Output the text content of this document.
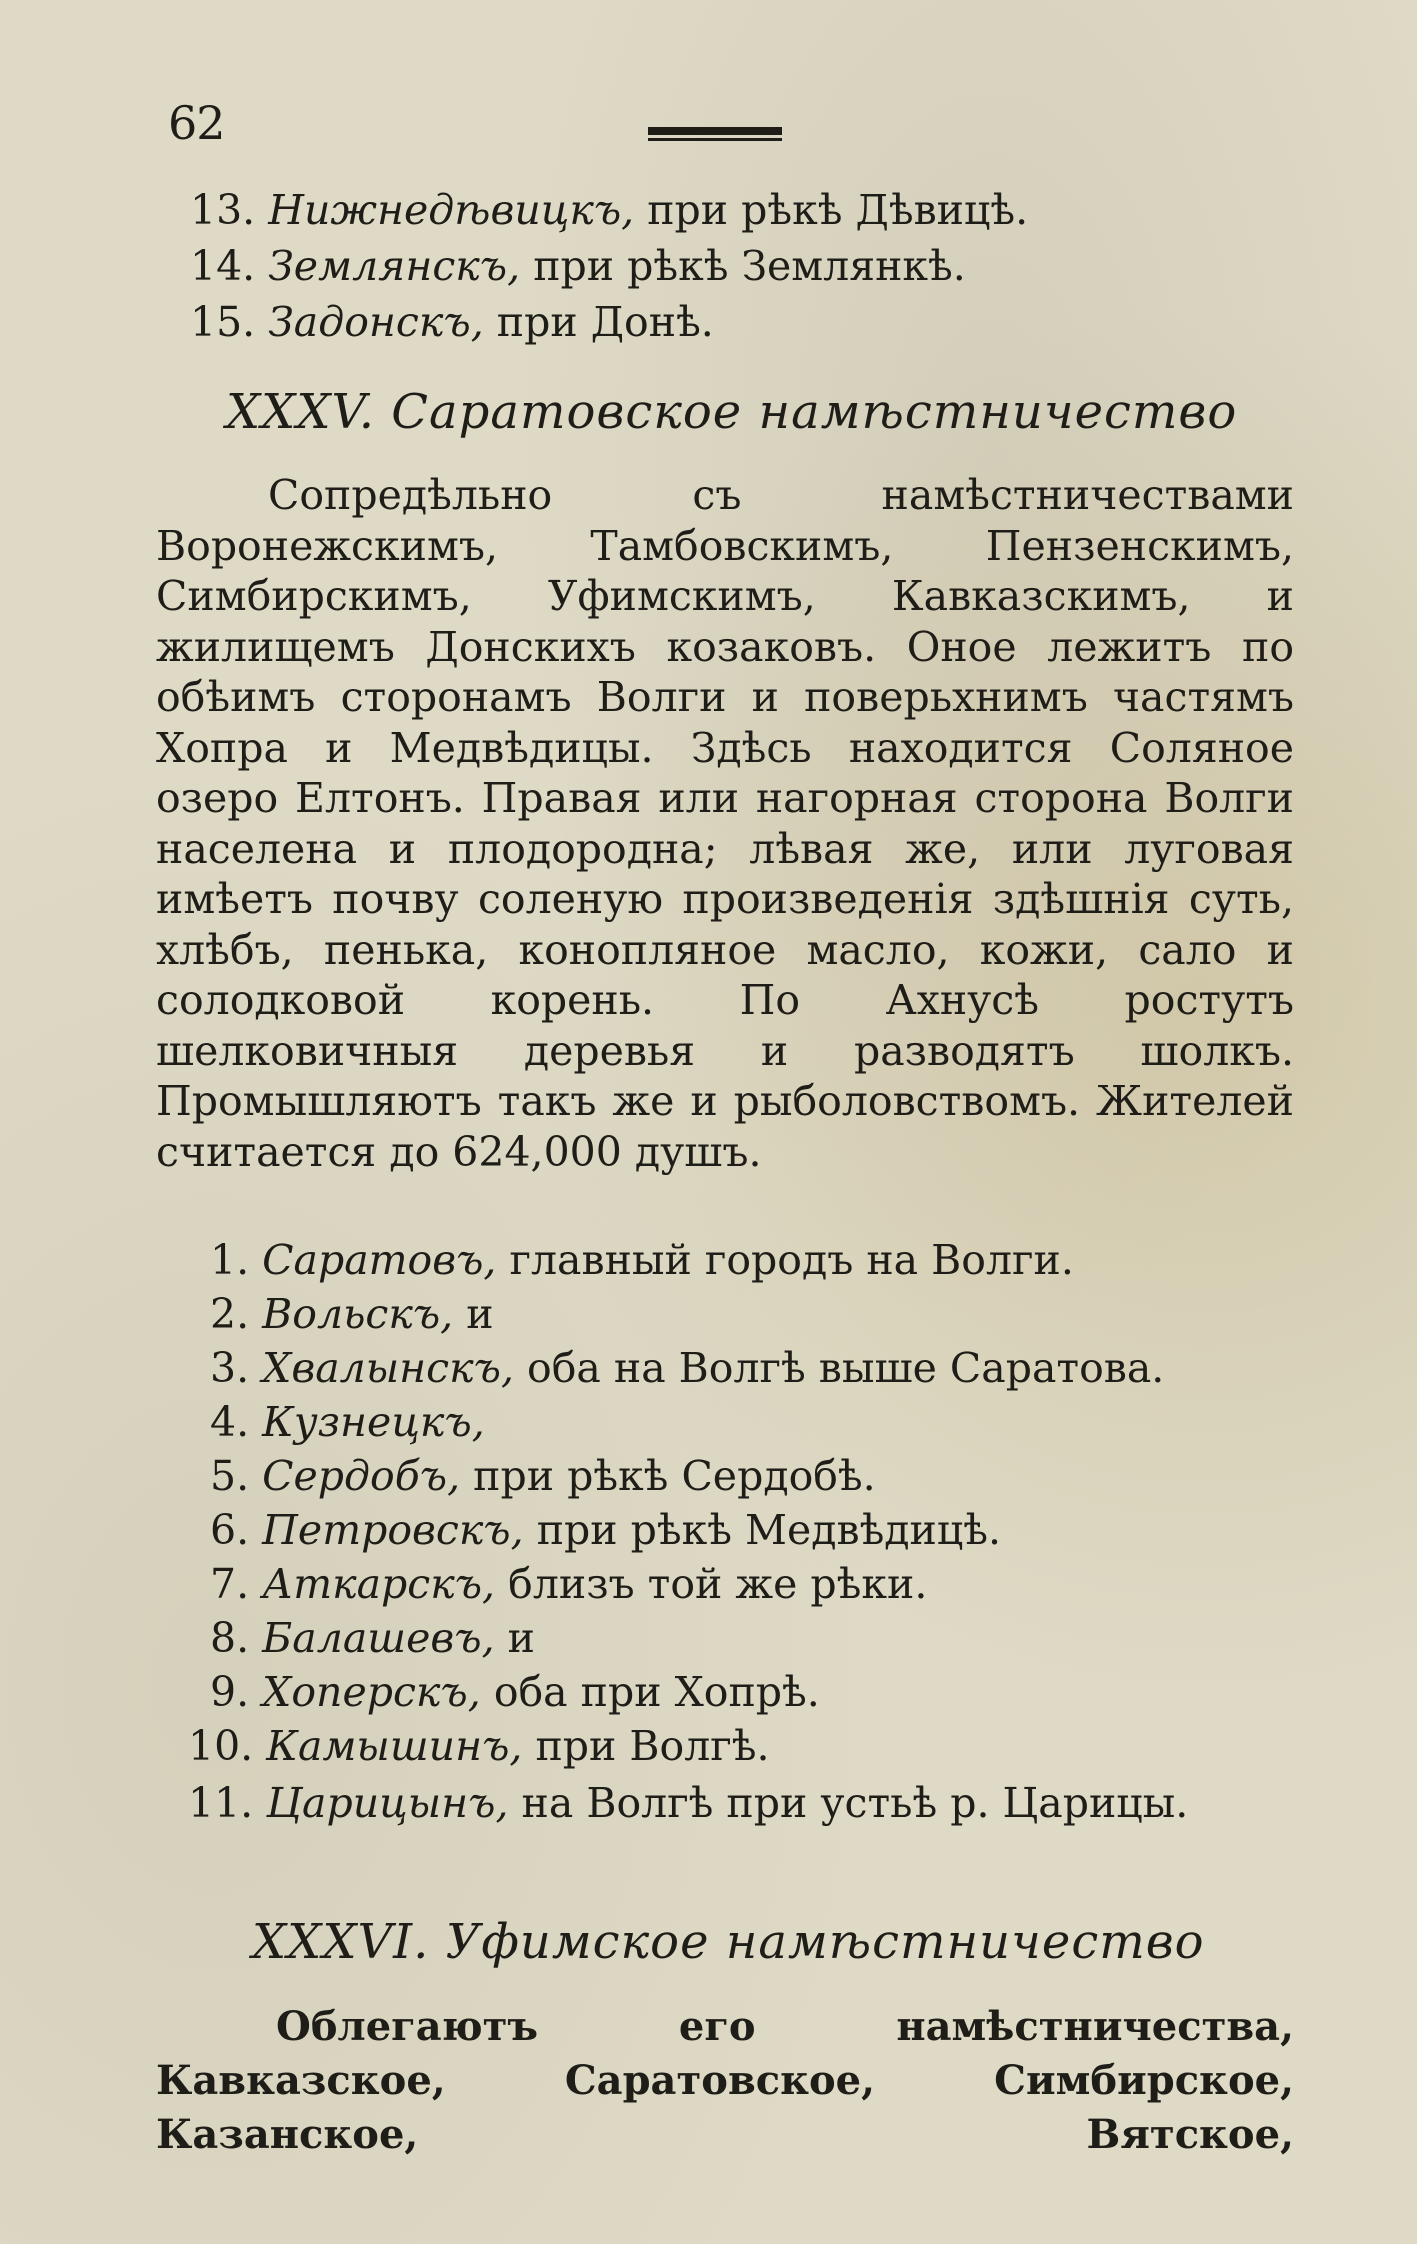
62
13. Нижнедѣвицкъ, при рѣкѣ Дѣвицѣ.
14. Землянскъ, при рѣкѣ Землянкѣ.
15. Задонскъ, при Донѣ.
XXXV. Саратовское намѣстничество
Сопредѣльно съ намѣстничествами Воронежскимъ, Тамбовскимъ, Пензенскимъ, Симбирскимъ, Уфимскимъ, Кавказскимъ, и жилищемъ Донскихъ козаковъ. Оное лежитъ по обѣимъ сторонамъ Волги и поверьхнимъ частямъ Хопра и Медвѣдицы. Здѣсь находится Соляное озеро Елтонъ. Правая или нагорная сторона Волги населена и плодородна; лѣвая же, или луговая имѣетъ почву соленую произведенія здѣшнія суть, хлѣбъ, пенька, конопляное масло, кожи, сало и солодковой корень. По Ахнусѣ ростутъ шелковичныя деревья и разводятъ шолкъ. Промышляютъ такъ же и рыболовствомъ. Жителей считается до 624,000 душъ.
1. Саратовъ, главный городъ на Волги.
2. Вольскъ, и
3. Хвалынскъ, оба на Волгѣ выше Саратова.
4. Кузнецкъ,
5. Сердобъ, при рѣкѣ Сердобѣ.
6. Петровскъ, при рѣкѣ Медвѣдицѣ.
7. Аткарскъ, близъ той же рѣки.
8. Балашевъ, и
9. Хоперскъ, оба при Хопрѣ.
10. Камышинъ, при Волгѣ.
11. Царицынъ, на Волгѣ при устьѣ р. Царицы.
XXXVI. Уфимское намѣстничество
Облегаютъ его намѣстничества, Кавказское, Саратовское, Симбирское, Казанское, Вятское,
